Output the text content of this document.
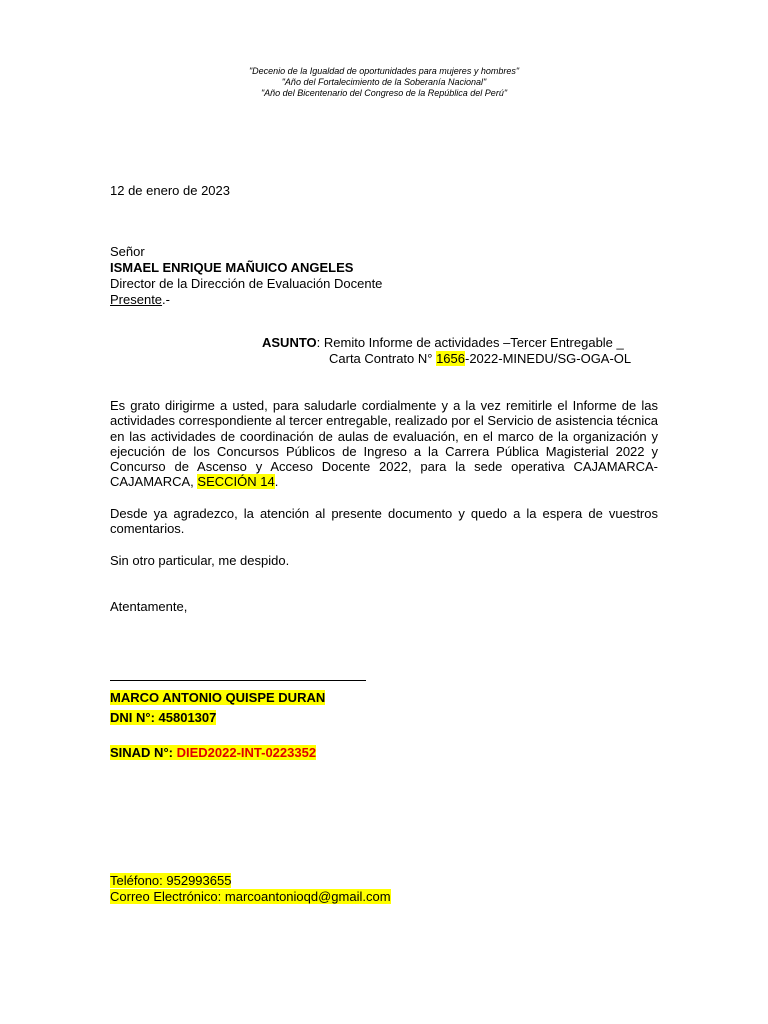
"Decenio de la Igualdad de oportunidades para mujeres y hombres"
"Año del Fortalecimiento de la Soberanía Nacional"
"Año del Bicentenario del Congreso de la República del Perú"
12 de enero de 2023
Señor
ISMAEL ENRIQUE MAÑUICO ANGELES
Director de la Dirección de Evaluación Docente
Presente.-
ASUNTO: Remito Informe de actividades –Tercer Entregable _
Carta Contrato N° 1656-2022-MINEDU/SG-OGA-OL
Es grato dirigirme a usted, para saludarle cordialmente y a la vez remitirle el Informe de las actividades correspondiente al tercer entregable, realizado por el Servicio de asistencia técnica en las actividades de coordinación de aulas de evaluación, en el marco de la organización y ejecución de los Concursos Públicos de Ingreso a la Carrera Pública Magisterial 2022 y Concurso de Ascenso y Acceso Docente 2022, para la sede operativa CAJAMARCA-CAJAMARCA, SECCIÓN 14.
Desde ya agradezco, la atención al presente documento y quedo a la espera de vuestros comentarios.
Sin otro particular, me despido.
Atentamente,
MARCO ANTONIO QUISPE DURAN
DNI N°: 45801307
SINAD N°: DIED2022-INT-0223352
Teléfono: 952993655
Correo Electrónico: marcoantonioqd@gmail.com
